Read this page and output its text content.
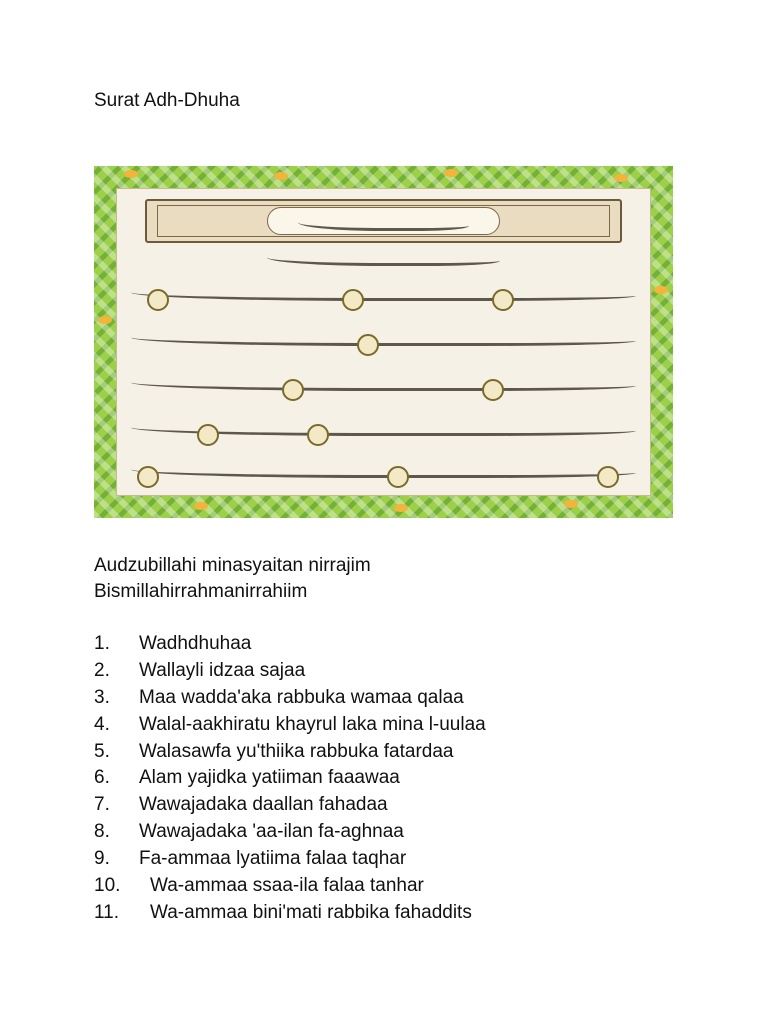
Surat Adh-Dhuha
Audzubillahi minasyaitan nirrajim
Bismillahirrahmanirrahiim
1. Wadhdhuhaa
2. Wallayli idzaa sajaa
3. Maa wadda'aka rabbuka wamaa qalaa
4. Walal-aakhiratu khayrul laka mina l-uulaa
5. Walasawfa yu'thiika rabbuka fatardaa
6. Alam yajidka yatiiman faaawaa
7. Wawajadaka daallan fahadaa
8. Wawajadaka 'aa-ilan fa-aghnaa
9. Fa-ammaa lyatiima falaa taqhar
10. Wa-ammaa ssaa-ila falaa tanhar
11. Wa-ammaa bini'mati rabbika fahaddits
